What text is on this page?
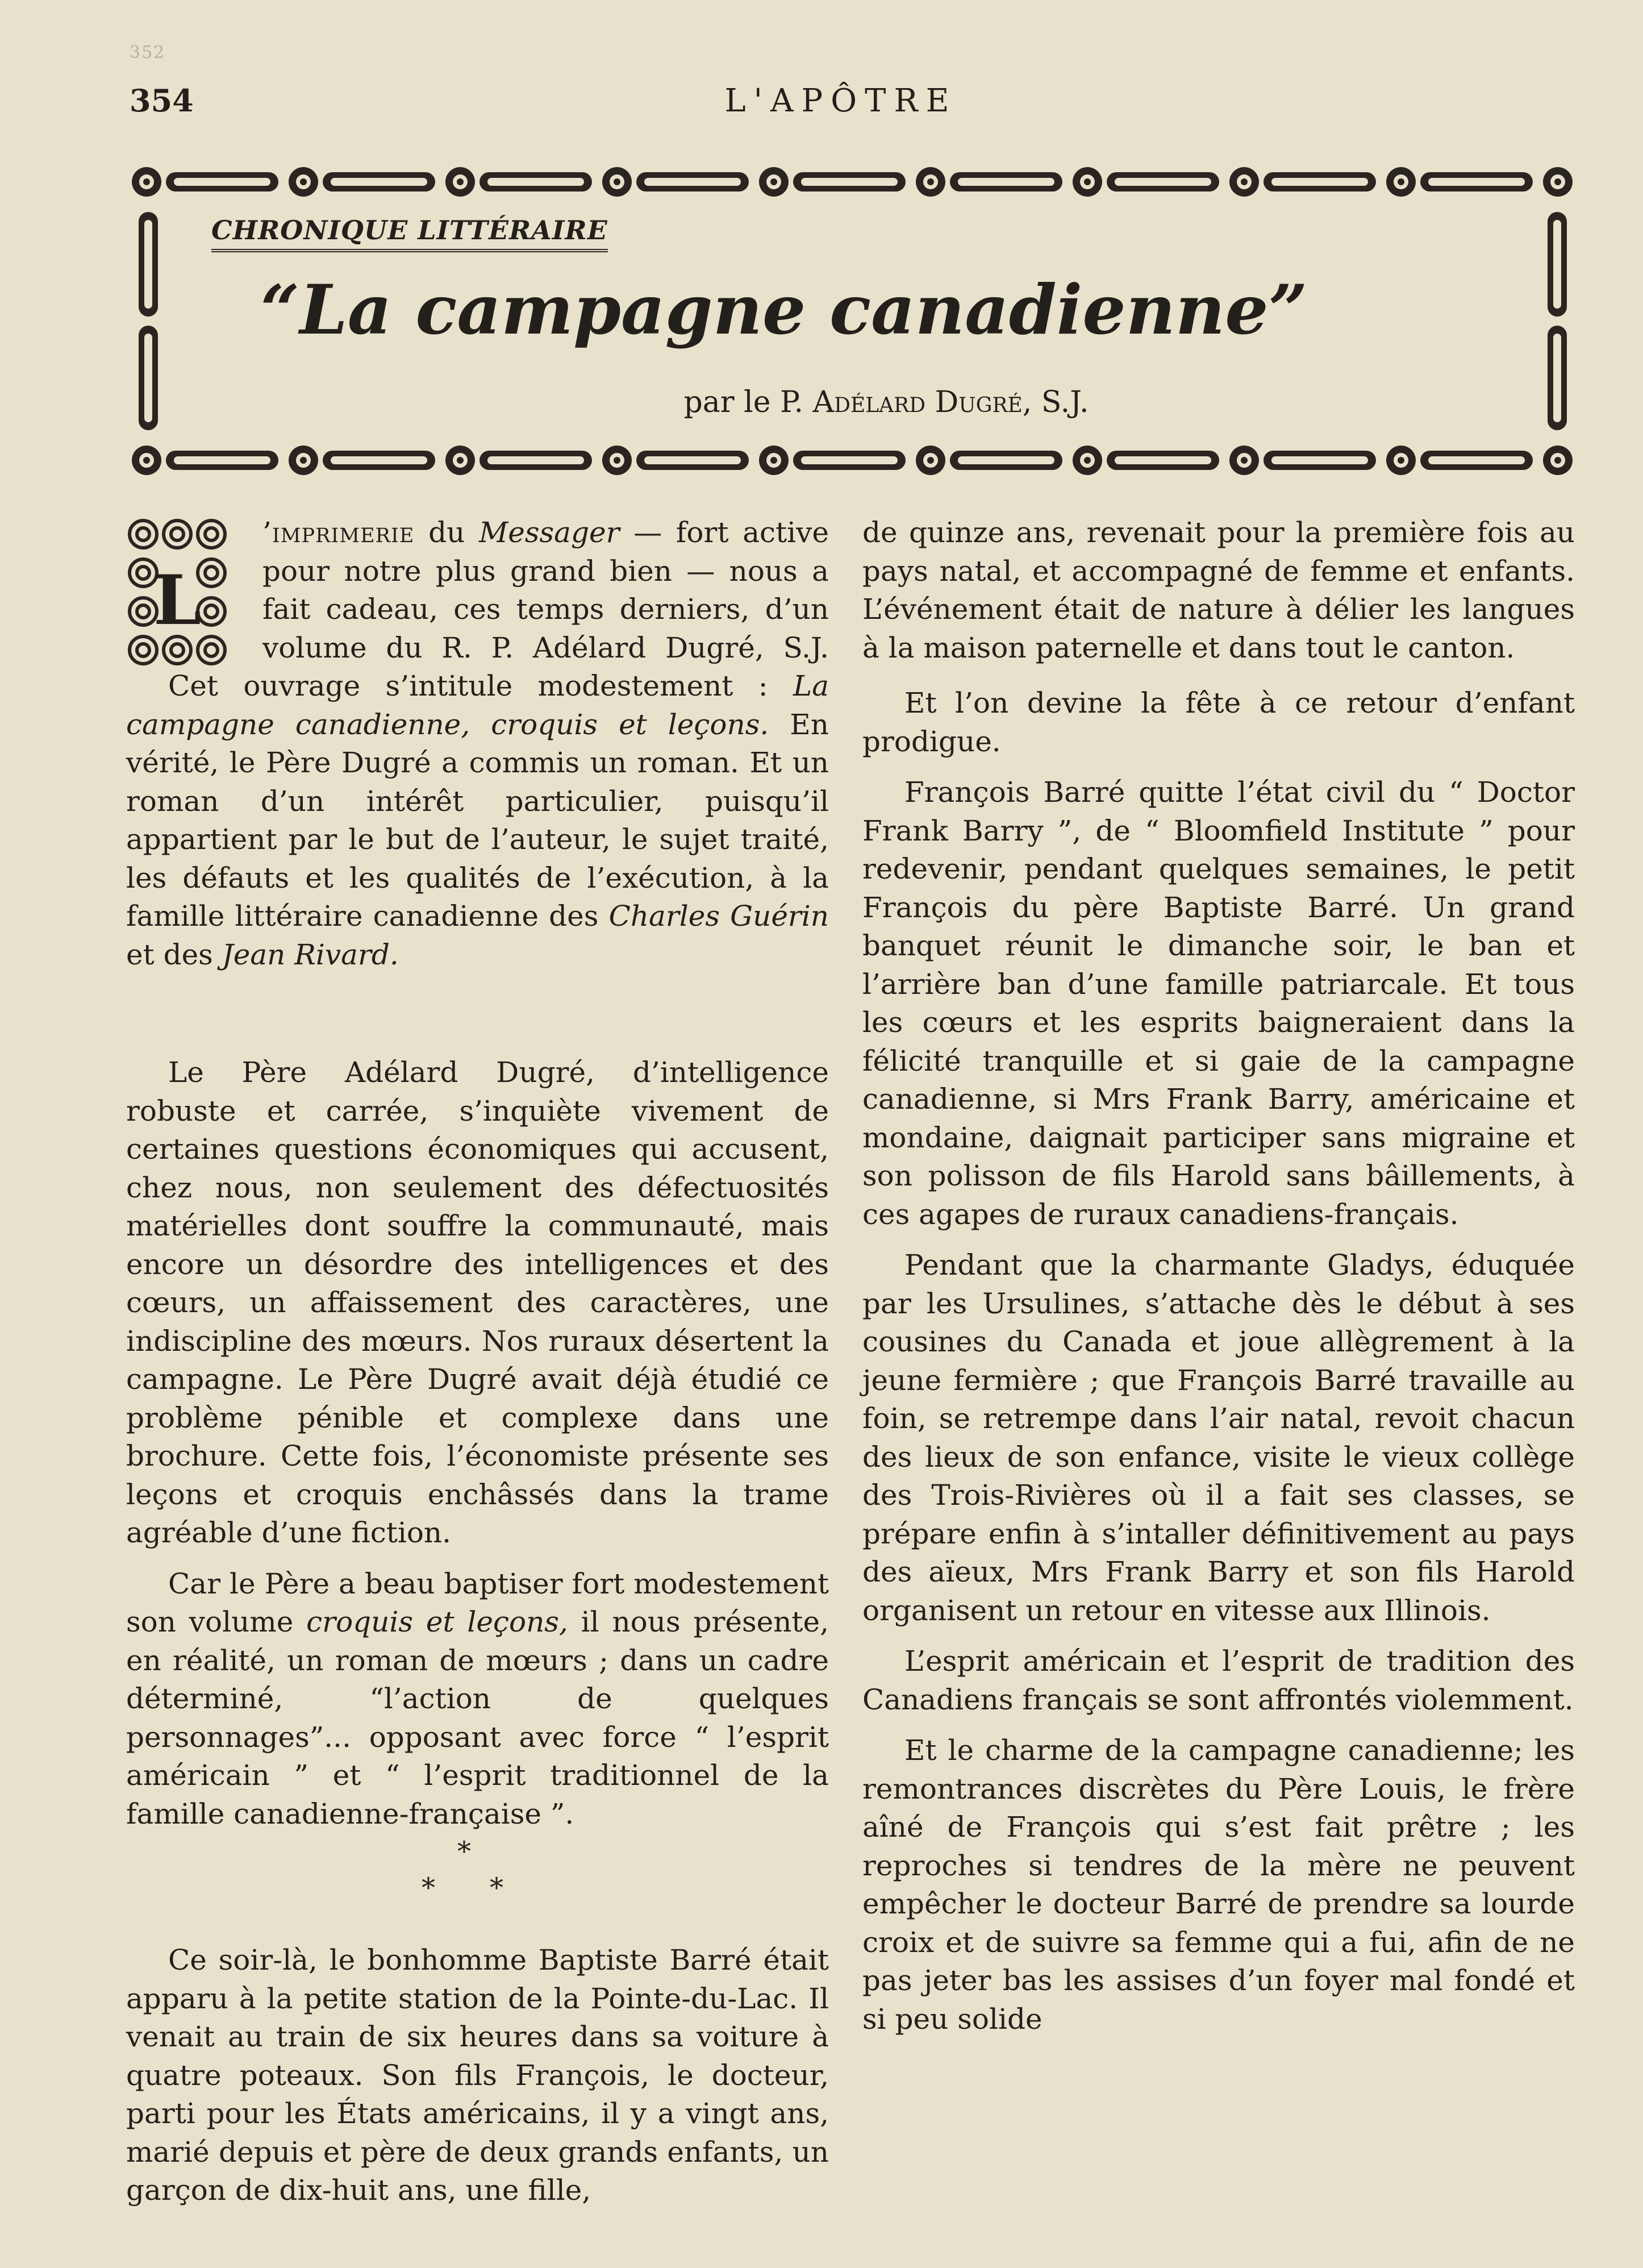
352
354	L'APÔTRE
CHRONIQUE LITTÉRAIRE
“La campagne canadienne”
par le P. Adélard Dugré, S.J.
L
’imprimerie du Messager — fort active
pour notre plus grand bien — nous a
fait cadeau, ces temps derniers, d’un
volume du R. P. Adélard Dugré, S.J.

Cet ouvrage s’intitule modestement : La campagne canadienne, croquis et leçons. En vérité, le Père Dugré a commis un roman. Et un roman d’un intérêt particulier, puisqu’il appartient par le but de l’auteur, le sujet traité, les défauts et les qualités de l’exécution, à la famille littéraire canadienne des Charles Guérin et des Jean Rivard.

Le Père Adélard Dugré, d’intelligence robuste et carrée, s’inquiète vivement de certaines questions économiques qui accusent, chez nous, non seulement des défectuosités matérielles dont souffre la communauté, mais encore un désordre des intelligences et des cœurs, un affaissement des caractères, une indiscipline des mœurs. Nos ruraux désertent la campagne. Le Père Dugré avait déjà étudié ce problème pénible et complexe dans une brochure. Cette fois, l’économiste présente ses leçons et croquis enchâssés dans la trame agréable d’une fiction.

Car le Père a beau baptiser fort modestement son volume croquis et leçons, il nous présente, en réalité, un roman de mœurs ; dans un cadre déterminé, “l’action de quelques personnages”... opposant avec force “ l’esprit américain ” et “ l’esprit traditionnel de la famille canadienne-française ”.

*
* *

Ce soir-là, le bonhomme Baptiste Barré était apparu à la petite station de la Pointe-du-Lac. Il venait au train de six heures dans sa voiture à quatre poteaux. Son fils François, le docteur, parti pour les États américains, il y a vingt ans, marié depuis et père de deux grands enfants, un garçon de dix-huit ans, une fille,

de quinze ans, revenait pour la première fois au pays natal, et accompagné de femme et enfants. L’événement était de nature à délier les langues à la maison paternelle et dans tout le canton.

Et l’on devine la fête à ce retour d’enfant prodigue.

François Barré quitte l’état civil du “ Doctor Frank Barry ”, de “ Bloomfield Institute ” pour redevenir, pendant quelques semaines, le petit François du père Baptiste Barré. Un grand banquet réunit le dimanche soir, le ban et l’arrière ban d’une famille patriarcale. Et tous les cœurs et les esprits baigneraient dans la félicité tranquille et si gaie de la campagne canadienne, si Mrs Frank Barry, américaine et mondaine, daignait participer sans migraine et son polisson de fils Harold sans bâillements, à ces agapes de ruraux canadiens-français.

Pendant que la charmante Gladys, éduquée par les Ursulines, s’attache dès le début à ses cousines du Canada et joue allègrement à la jeune fermière ; que François Barré travaille au foin, se retrempe dans l’air natal, revoit chacun des lieux de son enfance, visite le vieux collège des Trois-Rivières où il a fait ses classes, se prépare enfin à s’intaller définitivement au pays des aïeux, Mrs Frank Barry et son fils Harold organisent un retour en vitesse aux Illinois.

L’esprit américain et l’esprit de tradition des Canadiens français se sont affrontés violemment.

Et le charme de la campagne canadienne; les remontrances discrètes du Père Louis, le frère aîné de François qui s’est fait prêtre ; les reproches si tendres de la mère ne peuvent empêcher le docteur Barré de prendre sa lourde croix et de suivre sa femme qui a fui, afin de ne pas jeter bas les assises d’un foyer mal fondé et si peu solide
